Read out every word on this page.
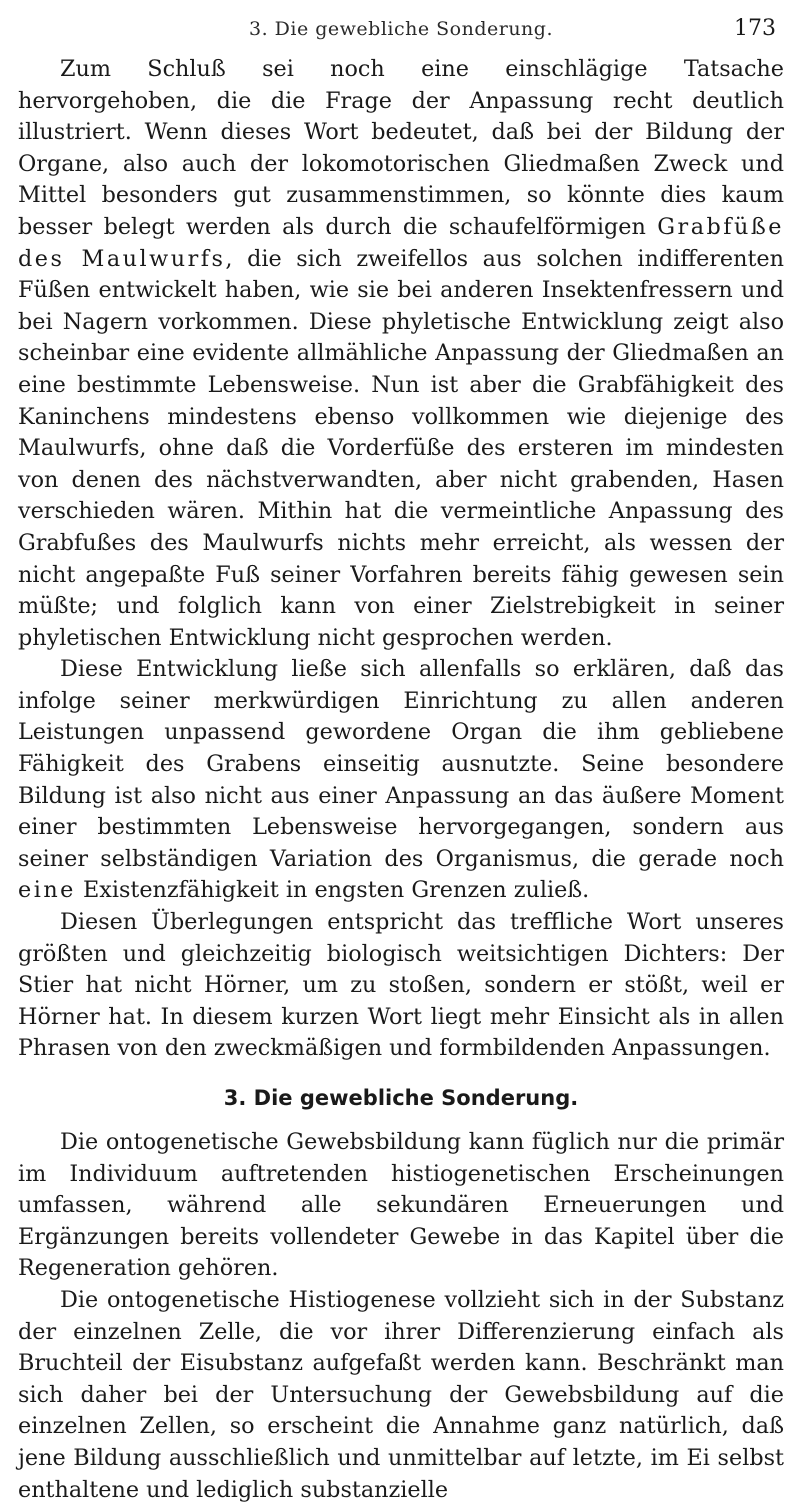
3. Die gewebliche Sonderung.	173

Zum Schluß sei noch eine einschlägige Tatsache hervorgehoben, die die Frage der Anpassung recht deutlich illustriert. Wenn dieses Wort bedeutet, daß bei der Bildung der Organe, also auch der lokomotorischen Gliedmaßen Zweck und Mittel besonders gut zusammenstimmen, so könnte dies kaum besser belegt werden als durch die schaufelförmigen Grabfüße des Maulwurfs, die sich zweifellos aus solchen indifferenten Füßen entwickelt haben, wie sie bei anderen Insektenfressern und bei Nagern vorkommen. Diese phyletische Entwicklung zeigt also scheinbar eine evidente allmähliche Anpassung der Gliedmaßen an eine bestimmte Lebensweise. Nun ist aber die Grabfähigkeit des Kaninchens mindestens ebenso vollkommen wie diejenige des Maulwurfs, ohne daß die Vorderfüße des ersteren im mindesten von denen des nächstverwandten, aber nicht grabenden, Hasen verschieden wären. Mithin hat die vermeintliche Anpassung des Grabfußes des Maulwurfs nichts mehr erreicht, als wessen der nicht angepaßte Fuß seiner Vorfahren bereits fähig gewesen sein müßte; und folglich kann von einer Zielstrebigkeit in seiner phyletischen Entwicklung nicht gesprochen werden.

Diese Entwicklung ließe sich allenfalls so erklären, daß das infolge seiner merkwürdigen Einrichtung zu allen anderen Leistungen unpassend gewordene Organ die ihm gebliebene Fähigkeit des Grabens einseitig ausnutzte. Seine besondere Bildung ist also nicht aus einer Anpassung an das äußere Moment einer bestimmten Lebensweise hervorgegangen, sondern aus seiner selbständigen Variation des Organismus, die gerade noch eine Existenzfähigkeit in engsten Grenzen zuließ.

Diesen Überlegungen entspricht das treffliche Wort unseres größten und gleichzeitig biologisch weitsichtigen Dichters: Der Stier hat nicht Hörner, um zu stoßen, sondern er stößt, weil er Hörner hat. In diesem kurzen Wort liegt mehr Einsicht als in allen Phrasen von den zweckmäßigen und formbildenden Anpassungen.

3. Die gewebliche Sonderung.

Die ontogenetische Gewebsbildung kann füglich nur die primär im Individuum auftretenden histiogenetischen Erscheinungen umfassen, während alle sekundären Erneuerungen und Ergänzungen bereits vollendeter Gewebe in das Kapitel über die Regeneration gehören.

Die ontogenetische Histiogenese vollzieht sich in der Substanz der einzelnen Zelle, die vor ihrer Differenzierung einfach als Bruchteil der Eisubstanz aufgefaßt werden kann. Beschränkt man sich daher bei der Untersuchung der Gewebsbildung auf die einzelnen Zellen, so erscheint die Annahme ganz natürlich, daß jene Bildung ausschließlich und unmittelbar auf letzte, im Ei selbst enthaltene und lediglich substanzielle
